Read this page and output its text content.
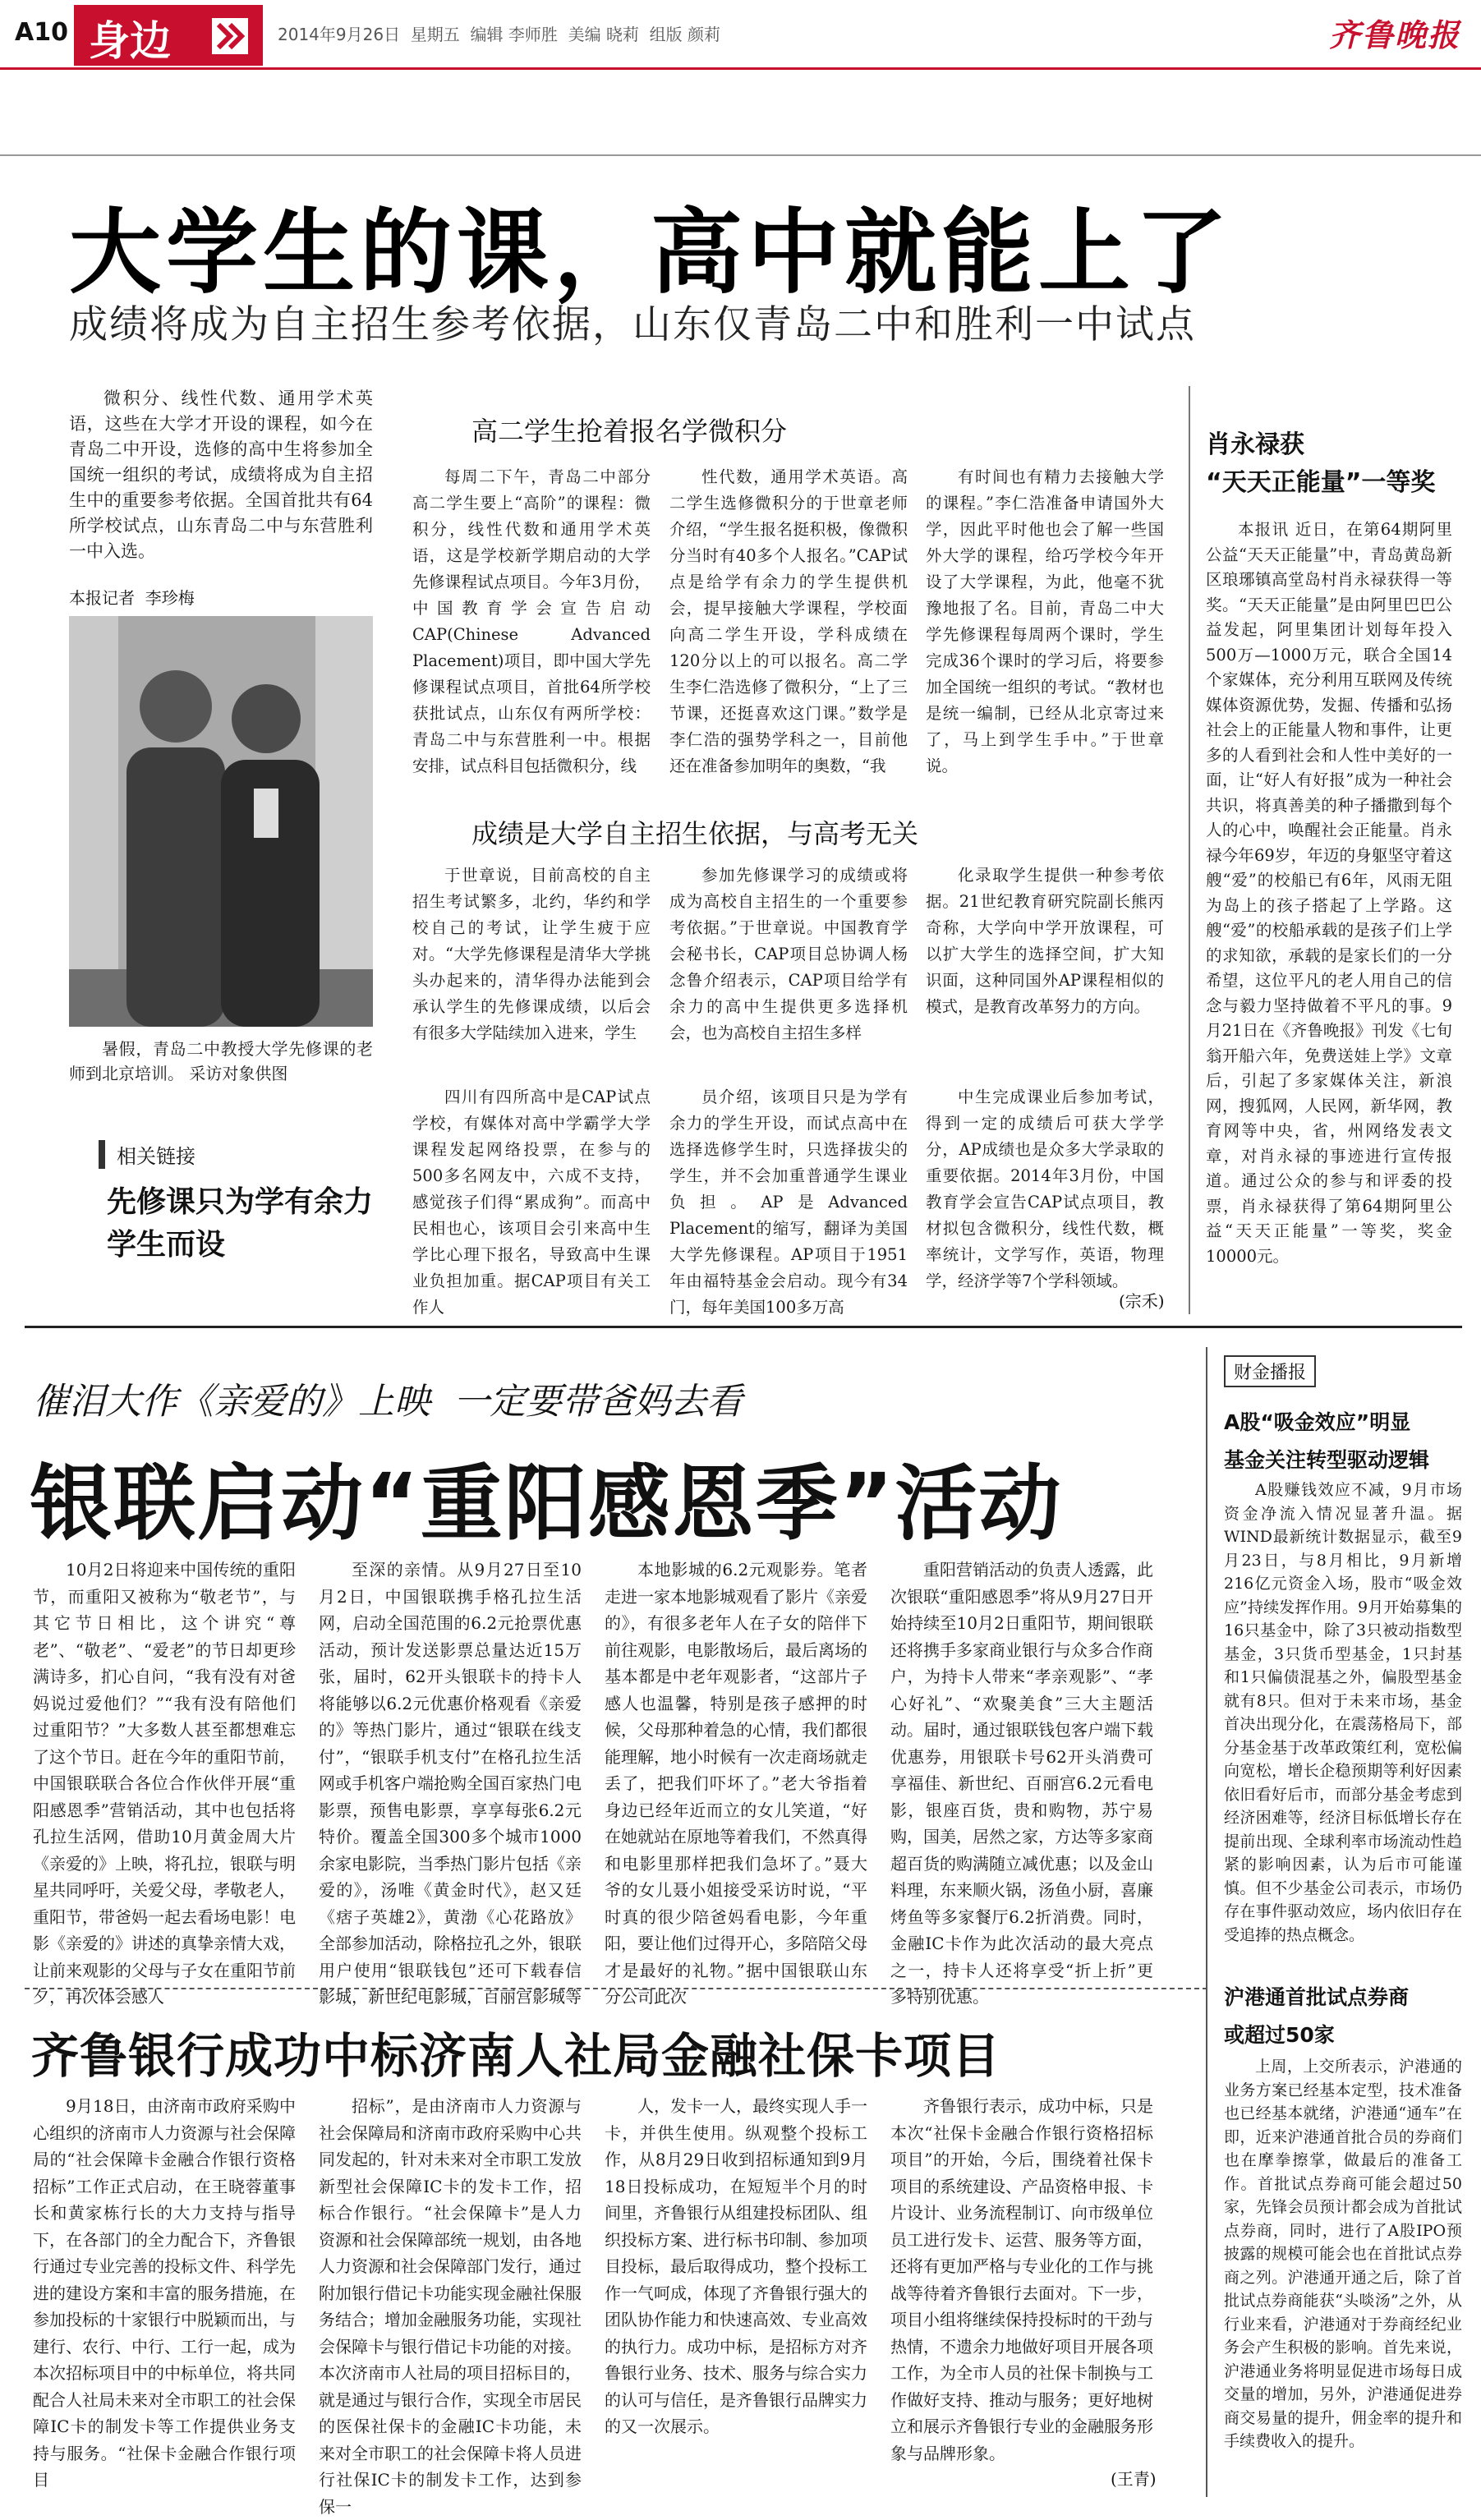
A10 身边	2014年9月26日  星期五  编辑 李师胜  美编 晓莉  组版 颜莉	齐鲁晚报
大学生的课，高中就能上了
成绩将成为自主招生参考依据，山东仅青岛二中和胜利一中试点
微积分、线性代数、通用学术英语，这些在大学才开设的课程，如今在青岛二中开设，选修的高中生将参加全国统一组织的考试，成绩将成为自主招生中的重要参考依据。全国首批共有64所学校试点，山东青岛二中与东营胜利一中入选。
本报记者  李珍梅
暑假，青岛二中教授大学先修课的老师到北京培训。 采访对象供图
相关链接
先修课只为学有余力学生而设
高二学生抢着报名学微积分
每周二下午，青岛二中部分高二学生要上“高阶”的课程：微积分，线性代数和通用学术英语，这是学校新学期启动的大学先修课程试点项目。今年3月份，中国教育学会宣告启动CAP(Chinese Advanced Placement)项目，即中国大学先修课程试点项目，首批64所学校获批试点，山东仅有两所学校：青岛二中与东营胜利一中。根据安排，试点科目包括微积分，线
性代数，通用学术英语。高二学生选修微积分的于世章老师介绍，“学生报名挺积极，像微积分当时有40多个人报名。”CAP试点是给学有余力的学生提供机会，提早接触大学课程，学校面向高二学生开设，学科成绩在120分以上的可以报名。高二学生李仁浩选修了微积分，“上了三节课，还挺喜欢这门课。”数学是李仁浩的强势学科之一，目前他还在准备参加明年的奥数，“我
有时间也有精力去接触大学的课程。”李仁浩准备申请国外大学，因此平时他也会了解一些国外大学的课程，给巧学校今年开设了大学课程，为此，他毫不犹豫地报了名。目前，青岛二中大学先修课程每周两个课时，学生完成36个课时的学习后，将要参加全国统一组织的考试。“教材也是统一编制，已经从北京寄过来了，马上到学生手中。”于世章说。
成绩是大学自主招生依据，与高考无关
于世章说，目前高校的自主招生考试繁多，北约，华约和学校自己的考试，让学生疲于应对。“大学先修课程是清华大学挑头办起来的，清华得办法能到会承认学生的先修课成绩，以后会有很多大学陆续加入进来，学生
参加先修课学习的成绩或将成为高校自主招生的一个重要参考依据。”于世章说。中国教育学会秘书长，CAP项目总协调人杨念鲁介绍表示，CAP项目给学有余力的高中生提供更多选择机会，也为高校自主招生多样
化录取学生提供一种参考依据。21世纪教育研究院副长熊丙奇称，大学向中学开放课程，可以扩大学生的选择空间，扩大知识面，这种同国外AP课程相似的模式，是教育改革努力的方向。
四川有四所高中是CAP试点学校，有媒体对高中学霸学大学课程发起网络投票，在参与的500多名网友中，六成不支持，感觉孩子们得“累成狗”。而高中民相也心，该项目会引来高中生学比心理下报名，导致高中生课业负担加重。据CAP项目有关工作人
员介绍，该项目只是为学有余力的学生开设，而试点高中在选择选修学生时，只选择拔尖的学生，并不会加重普通学生课业负担。AP是Advanced Placement的缩写，翻译为美国大学先修课程。AP项目于1951年由福特基金会启动。现今有34门，每年美国100多万高
中生完成课业后参加考试，得到一定的成绩后可获大学学分，AP成绩也是众多大学录取的重要依据。2014年3月份，中国教育学会宣告CAP试点项目，教材拟包含微积分，线性代数，概率统计，文学写作，英语，物理学，经济学等7个学科领域。
(宗禾)
肖永禄获
“天天正能量”一等奖
本报讯 近日，在第64期阿里公益“天天正能量”中，青岛黄岛新区琅琊镇高堂岛村肖永禄获得一等奖。“天天正能量”是由阿里巴巴公益发起，阿里集团计划每年投入500万—1000万元，联合全国14个家媒体，充分利用互联网及传统媒体资源优势，发掘、传播和弘扬社会上的正能量人物和事件，让更多的人看到社会和人性中美好的一面，让“好人有好报”成为一种社会共识，将真善美的种子播撒到每个人的心中，唤醒社会正能量。肖永禄今年69岁，年迈的身躯坚守着这艘“爱”的校船已有6年，风雨无阻为岛上的孩子搭起了上学路。这艘“爱”的校船承载的是孩子们上学的求知欲，承载的是家长们的一分希望，这位平凡的老人用自己的信念与毅力坚持做着不平凡的事。9月21日在《齐鲁晚报》刊发《七旬翁开船六年，免费送娃上学》文章后，引起了多家媒体关注，新浪网，搜狐网，人民网，新华网，教育网等中央，省，州网络发表文章，对肖永禄的事迹进行宣传报道。通过公众的参与和评委的投票，肖永禄获得了第64期阿里公益“天天正能量”一等奖，奖金10000元。
催泪大作《亲爱的》上映  一定要带爸妈去看
银联启动“重阳感恩季”活动
10月2日将迎来中国传统的重阳节，而重阳又被称为“敬老节”，与其它节日相比，这个讲究“尊老”、“敬老”、“爱老”的节日却更珍满诗多，扪心自问，“我有没有对爸妈说过爱他们？”“我有没有陪他们过重阳节？”大多数人甚至都想难忘了这个节日。赶在今年的重阳节前，中国银联联合各位合作伙伴开展“重阳感恩季”营销活动，其中也包括将孔拉生活网，借助10月黄金周大片《亲爱的》上映，将孔拉，银联与明星共同呼吁，关爱父母，孝敬老人，重阳节，带爸妈一起去看场电影！电影《亲爱的》讲述的真挚亲情大戏，让前来观影的父母与子女在重阳节前夕，再次体会感人
至深的亲情。从9月27日至10月2日，中国银联携手格孔拉生活网，启动全国范围的6.2元抢票优惠活动，预计发送影票总量达近15万张，届时，62开头银联卡的持卡人将能够以6.2元优惠价格观看《亲爱的》等热门影片，通过“银联在线支付”，“银联手机支付”在格孔拉生活网或手机客户端抢购全国百家热门电影票，预售电影票，享享每张6.2元特价。覆盖全国300多个城市1000余家电影院，当季热门影片包括《亲爱的》，汤唯《黄金时代》，赵又廷《痞子英雄2》，黄渤《心花路放》全部参加活动，除格拉孔之外，银联用户使用“银联钱包”还可下载春信影城，新世纪电影城，百丽宫影城等
本地影城的6.2元观影券。笔者走进一家本地影城观看了影片《亲爱的》，有很多老年人在子女的陪伴下前往观影，电影散场后，最后离场的基本都是中老年观影者，“这部片子感人也温馨，特别是孩子感押的时候，父母那种着急的心情，我们都很能理解，地小时候有一次走商场就走丢了，把我们吓坏了。”老大爷指着身边已经年近而立的女儿笑道，“好在她就站在原地等着我们，不然真得和电影里那样把我们急坏了。”聂大爷的女儿聂小姐接受采访时说，“平时真的很少陪爸妈看电影，今年重阳，要让他们过得开心，多陪陪父母才是最好的礼物。”据中国银联山东分公司此次
重阳营销活动的负责人透露，此次银联“重阳感恩季”将从9月27日开始持续至10月2日重阳节，期间银联还将携手多家商业银行与众多合作商户，为持卡人带来“孝亲观影”、“孝心好礼”、“欢聚美食”三大主题活动。届时，通过银联钱包客户端下载优惠券，用银联卡号62开头消费可享福佳、新世纪、百丽宫6.2元看电影，银座百货，贵和购物，苏宁易购，国美，居然之家，方达等多家商超百货的购满随立减优惠；以及金山料理，东来顺火锅，汤鱼小厨，喜廉烤鱼等多家餐厅6.2折消费。同时，金融IC卡作为此次活动的最大亮点之一，持卡人还将享受“折上折”更多特别优惠。
齐鲁银行成功中标济南人社局金融社保卡项目
9月18日，由济南市政府采购中心组织的济南市人力资源与社会保障局的“社会保障卡金融合作银行资格招标”工作正式启动，在王晓蓉董事长和黄家栋行长的大力支持与指导下，在各部门的全力配合下，齐鲁银行通过专业完善的投标文件、科学先进的建设方案和丰富的服务措施，在参加投标的十家银行中脱颖而出，与建行、农行、中行、工行一起，成为本次招标项目中的中标单位，将共同配合人社局未来对全市职工的社会保障IC卡的制发卡等工作提供业务支持与服务。“社保卡金融合作银行项目
招标”，是由济南市人力资源与社会保障局和济南市政府采购中心共同发起的，针对未来对全市职工发放新型社会保障IC卡的发卡工作，招标合作银行。“社会保障卡”是人力资源和社会保障部统一规划，由各地人力资源和社会保障部门发行，通过附加银行借记卡功能实现金融社保服务结合；增加金融服务功能，实现社会保障卡与银行借记卡功能的对接。本次济南市人社局的项目招标目的，就是通过与银行合作，实现全市居民的医保社保卡的金融IC卡功能，未来对全市职工的社会保障卡将人员进行社保IC卡的制发卡工作，达到参保一
人，发卡一人，最终实现人手一卡，并供生使用。纵观整个投标工作，从8月29日收到招标通知到9月18日投标成功，在短短半个月的时间里，齐鲁银行从组建投标团队、组织投标方案、进行标书印制、参加项目投标，最后取得成功，整个投标工作一气呵成，体现了齐鲁银行强大的团队协作能力和快速高效、专业高效的执行力。成功中标，是招标方对齐鲁银行业务、技术、服务与综合实力的认可与信任，是齐鲁银行品牌实力的又一次展示。
齐鲁银行表示，成功中标，只是本次“社保卡金融合作银行资格招标项目”的开始，今后，围绕着社保卡项目的系统建设、产品资格申报、卡片设计、业务流程制订、向市级单位员工进行发卡、运营、服务等方面，还将有更加严格与专业化的工作与挑战等待着齐鲁银行去面对。下一步，项目小组将继续保持投标时的干劲与热情，不遗余力地做好项目开展各项工作，为全市人员的社保卡制换与工作做好支持、推动与服务；更好地树立和展示齐鲁银行专业的金融服务形象与品牌形象。
(王青)
财金播报
A股“吸金效应”明显
基金关注转型驱动逻辑
A股赚钱效应不减，9月市场资金净流入情况显著升温。据WIND最新统计数据显示，截至9月23日，与8月相比，9月新增216亿元资金入场，股市“吸金效应”持续发挥作用。9月开始募集的16只基金中，除了3只被动指数型基金，3只货币型基金，1只封基和1只偏债混基之外，偏股型基金就有8只。但对于未来市场，基金首决出现分化，在震荡格局下，部分基金基于改革政策红利，宽松偏向宽松，增长企稳预期等利好因素依旧看好后市，而部分基金考虑到经济困难等，经济目标低增长存在提前出现、全球利率市场流动性趋紧的影响因素，认为后市可能谨慎。但不少基金公司表示，市场仍存在事件驱动效应，场内依旧存在受追捧的热点概念。
沪港通首批试点券商
或超过50家
上周，上交所表示，沪港通的业务方案已经基本定型，技术准备也已经基本就绪，沪港通“通车”在即，近来沪港通首批合员的券商们也在摩拳擦掌，做最后的准备工作。首批试点券商可能会超过50家，先锋会员预计都会成为首批试点券商，同时，进行了A股IPO预披露的规模可能会也在首批试点券商之列。沪港通开通之后，除了首批试点券商能获“头啖汤”之外，从行业来看，沪港通对于券商经纪业务会产生积极的影响。首先来说，沪港通业务将明显促进市场每日成交量的增加，另外，沪港通促进券商交易量的提升，佣金率的提升和手续费收入的提升。
